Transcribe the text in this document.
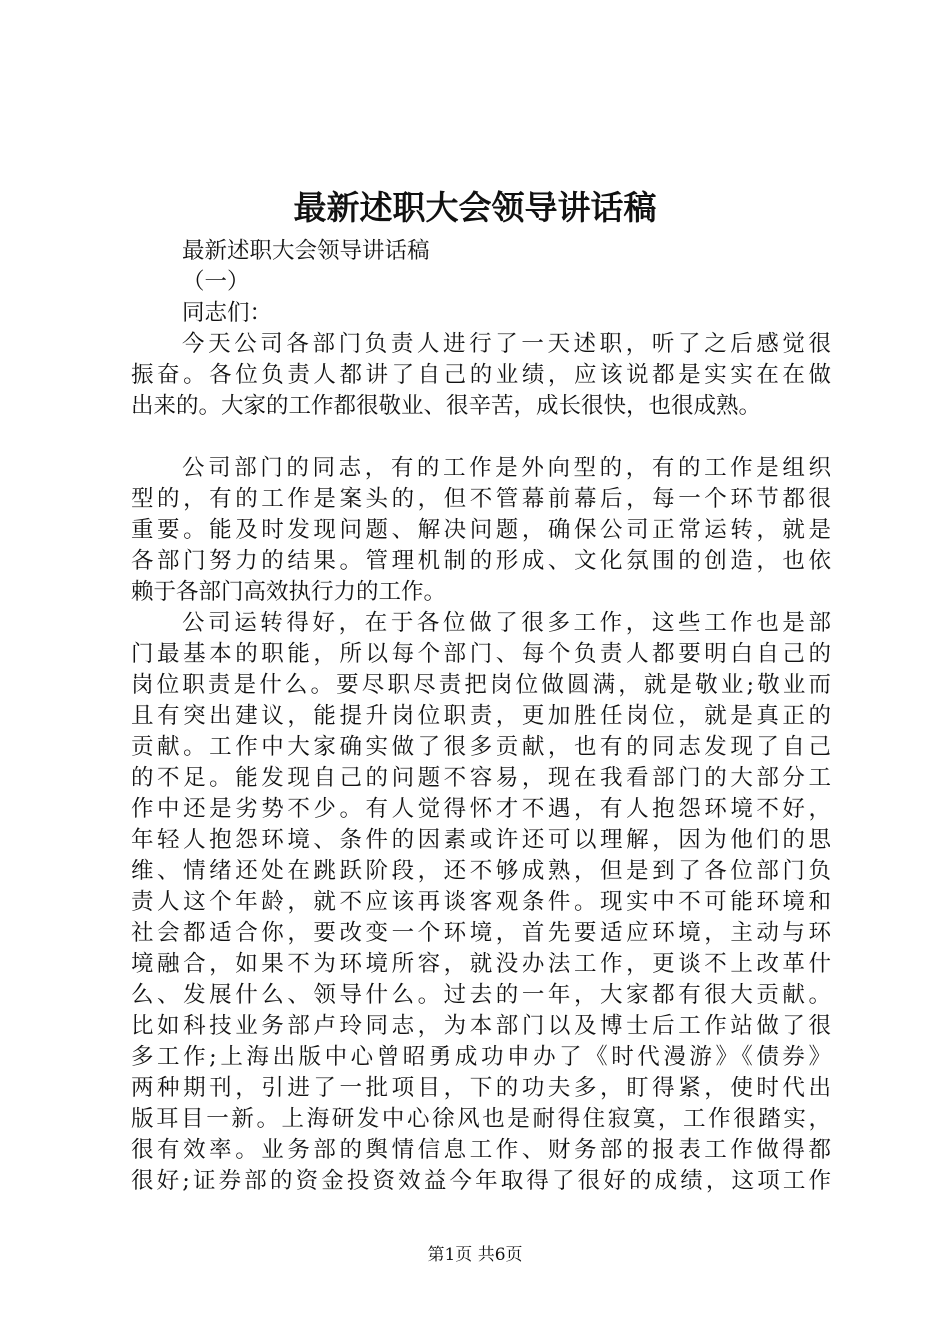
最新述职大会领导讲话稿
最新述职大会领导讲话稿
（一）
同志们：
今天公司各部门负责人进行了一天述职，听了之后感觉很
振奋。各位负责人都讲了自己的业绩，应该说都是实实在在做
出来的。大家的工作都很敬业、很辛苦，成长很快，也很成熟。
公司部门的同志，有的工作是外向型的，有的工作是组织
型的，有的工作是案头的，但不管幕前幕后，每一个环节都很
重要。能及时发现问题、解决问题，确保公司正常运转，就是
各部门努力的结果。管理机制的形成、文化氛围的创造，也依
赖于各部门高效执行力的工作。
公司运转得好，在于各位做了很多工作，这些工作也是部
门最基本的职能，所以每个部门、每个负责人都要明白自己的
岗位职责是什么。要尽职尽责把岗位做圆满，就是敬业;敬业而
且有突出建议，能提升岗位职责，更加胜任岗位，就是真正的
贡献。工作中大家确实做了很多贡献，也有的同志发现了自己
的不足。能发现自己的问题不容易，现在我看部门的大部分工
作中还是劣势不少。有人觉得怀才不遇，有人抱怨环境不好，
年轻人抱怨环境、条件的因素或许还可以理解，因为他们的思
维、情绪还处在跳跃阶段，还不够成熟，但是到了各位部门负
责人这个年龄，就不应该再谈客观条件。现实中不可能环境和
社会都适合你，要改变一个环境，首先要适应环境，主动与环
境融合，如果不为环境所容，就没办法工作，更谈不上改革什
么、发展什么、领导什么。过去的一年，大家都有很大贡献。
比如科技业务部卢玲同志，为本部门以及博士后工作站做了很
多工作;上海出版中心曾昭勇成功申办了《时代漫游》《债券》
两种期刊，引进了一批项目，下的功夫多，盯得紧，使时代出
版耳目一新。上海研发中心徐风也是耐得住寂寞，工作很踏实，
很有效率。业务部的舆情信息工作、财务部的报表工作做得都
很好;证券部的资金投资效益今年取得了很好的成绩，这项工作
第1页 共6页
